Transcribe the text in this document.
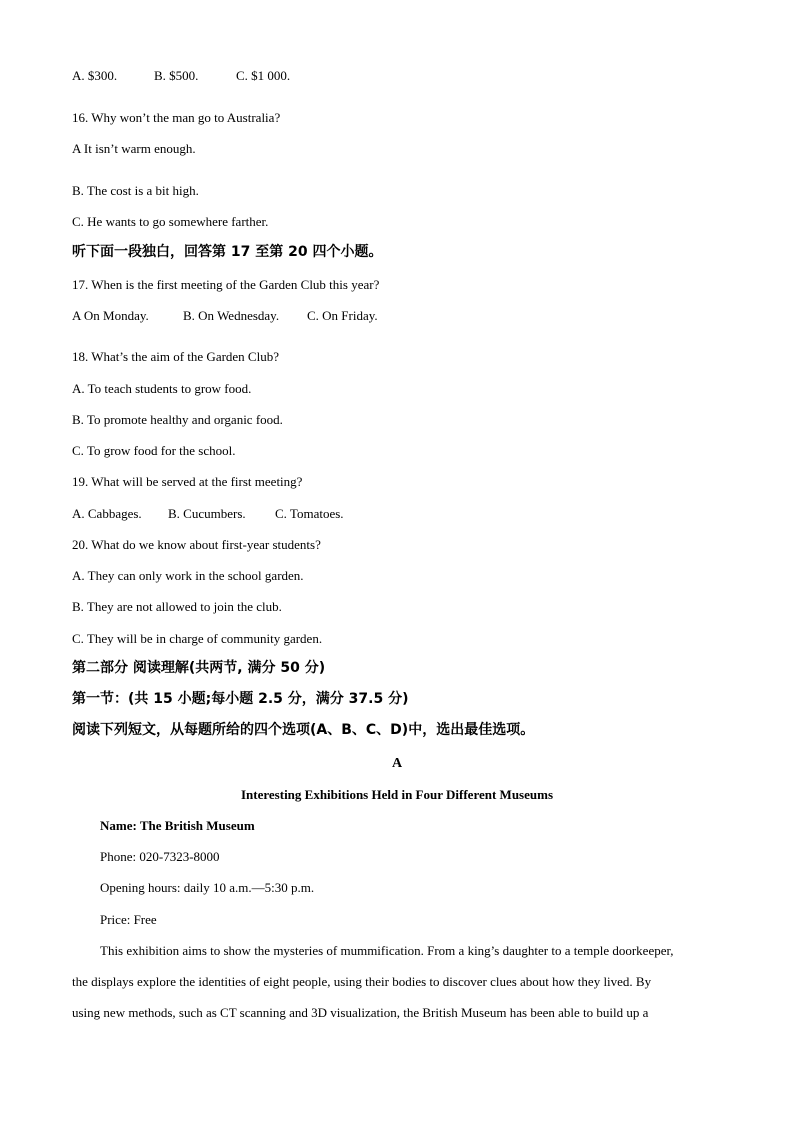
A. $300.	B. $500.	C. $1 000.
16. Why won’t the man go to Australia?
A It isn’t warm enough.
B. The cost is a bit high.
C. He wants to go somewhere farther.
听下面一段独白，回答第 17 至第 20 四个小题。
17. When is the first meeting of the Garden Club this year?
A On Monday.	B. On Wednesday. C. On Friday.
18. What’s the aim of the Garden Club?
A. To teach students to grow food.
B. To promote healthy and organic food.
C. To grow food for the school.
19. What will be served at the first meeting?
A. Cabbages. B. Cucumbers. C. Tomatoes.
20. What do we know about first-year students?
A. They can only work in the school garden.
B. They are not allowed to join the club.
C. They will be in charge of community garden.
第二部分 阅读理解(共两节, 满分 50 分)
第一节：(共 15 小题;每小题 2.5 分，满分 37.5 分)
阅读下列短文，从每题所给的四个选项(A、B、C、D)中，选出最佳选项。
A
Interesting Exhibitions Held in Four Different Museums
Name: The British Museum
Phone: 020-7323-8000
Opening hours: daily 10 a.m.—5:30 p.m.
Price: Free
This exhibition aims to show the mysteries of mummification. From a king’s daughter to a temple doorkeeper,
the displays explore the identities of eight people, using their bodies to discover clues about how they lived. By
using new methods, such as CT scanning and 3D visualization, the British Museum has been able to build up a
